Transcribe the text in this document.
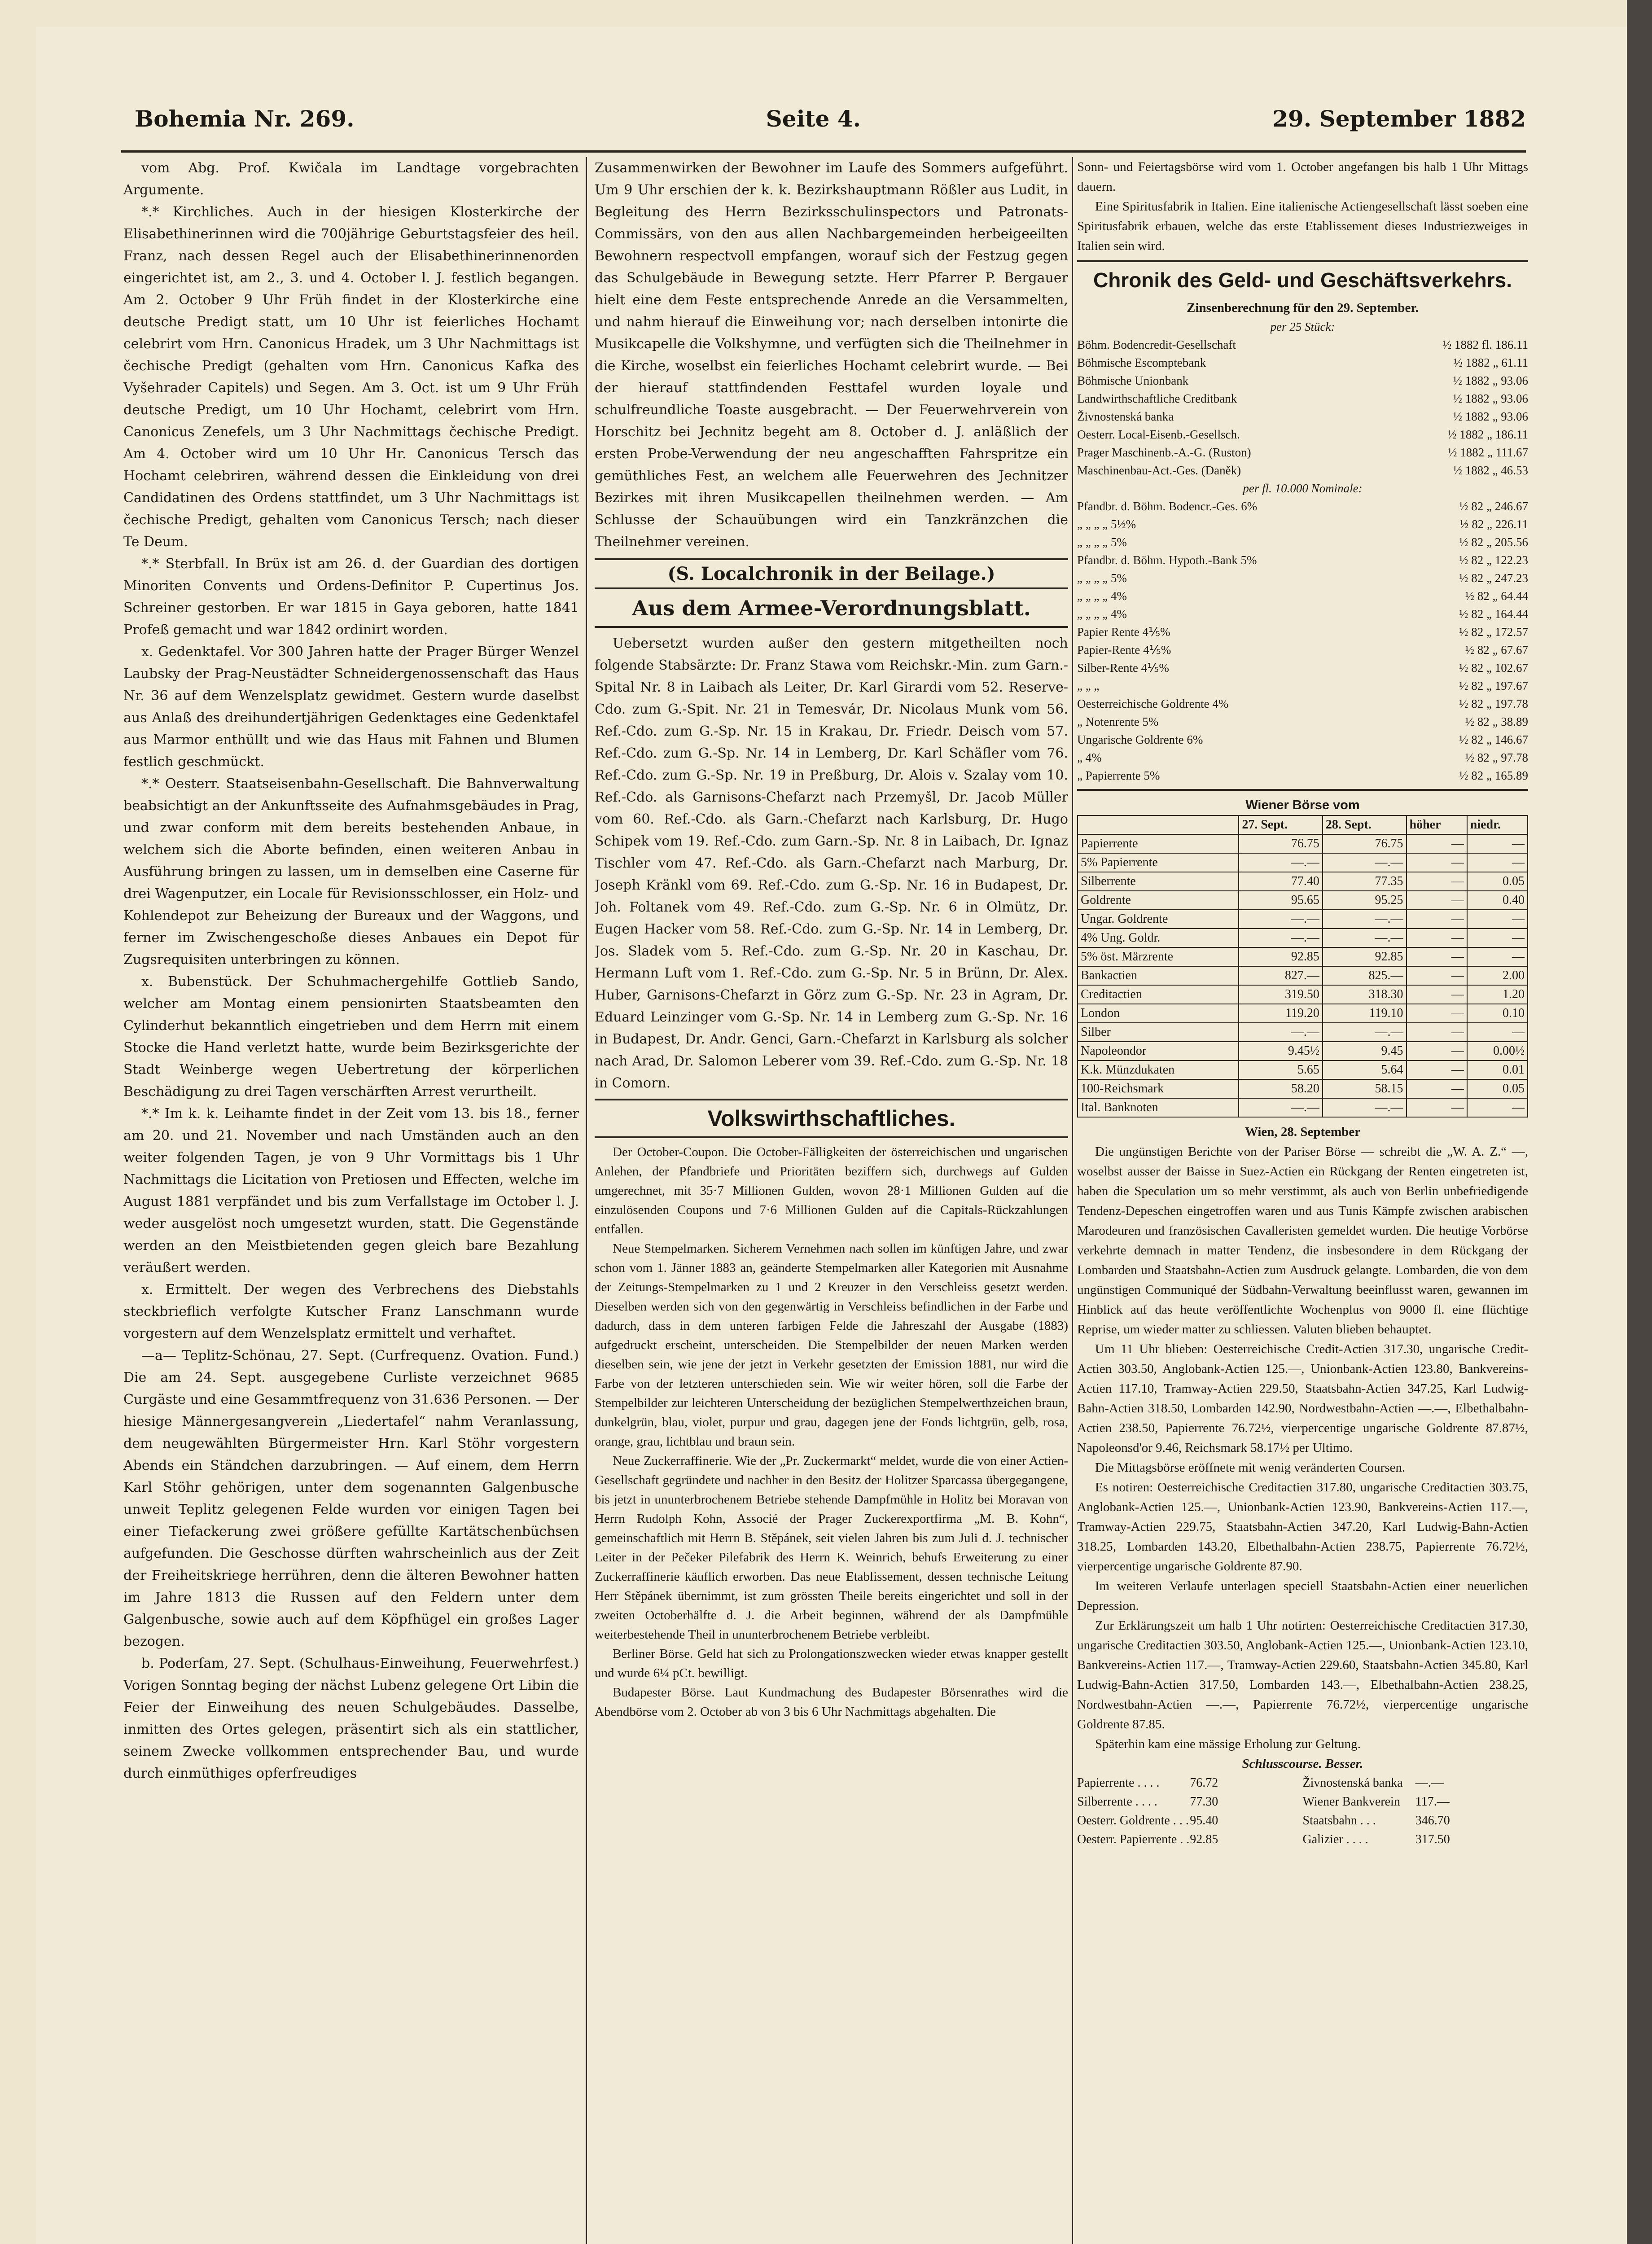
Bohemia Nr. 269.	Seite 4.	29. September 1882

vom Abg. Prof. Kwičala im Landtage vorgebrachten Argumente.

*.* Kirchliches. Auch in der hiesigen Klosterkirche der Elisabethinerinnen wird die 700jährige Geburtstagsfeier des heil. Franz, nach dessen Regel auch der Elisabethinerinnenorden eingerichtet ist, am 2., 3. und 4. October l. J. festlich begangen. Am 2. October 9 Uhr Früh findet in der Klosterkirche eine deutsche Predigt statt, um 10 Uhr ist feierliches Hochamt celebrirt vom Hrn. Canonicus Hradek, um 3 Uhr Nachmittags ist čechische Predigt (gehalten vom Hrn. Canonicus Kafka des Vyšehrader Capitels) und Segen. Am 3. Oct. ist um 9 Uhr Früh deutsche Predigt, um 10 Uhr Hochamt, celebrirt vom Hrn. Canonicus Zenefels, um 3 Uhr Nachmittags čechische Predigt. Am 4. October wird um 10 Uhr Hr. Canonicus Tersch das Hochamt celebriren, während dessen die Einkleidung von drei Candidatinen des Ordens stattfindet, um 3 Uhr Nachmittags ist čechische Predigt, gehalten vom Canonicus Tersch; nach dieser Te Deum.

*.* Sterbfall. In Brüx ist am 26. d. der Guardian des dortigen Minoriten Convents und Ordens-Definitor P. Cupertinus Jos. Schreiner gestorben. Er war 1815 in Gaya geboren, hatte 1841 Profeß gemacht und war 1842 ordinirt worden.

x. Gedenktafel. Vor 300 Jahren hatte der Prager Bürger Wenzel Laubsky der Prag-Neustädter Schneidergenossenschaft das Haus Nr. 36 auf dem Wenzelsplatz gewidmet. Gestern wurde daselbst aus Anlaß des dreihundertjährigen Gedenktages eine Gedenktafel aus Marmor enthüllt und wie das Haus mit Fahnen und Blumen festlich geschmückt.

*.* Oesterr. Staatseisenbahn-Gesellschaft. Die Bahnverwaltung beabsichtigt an der Ankunftsseite des Aufnahmsgebäudes in Prag, und zwar conform mit dem bereits bestehenden Anbaue, in welchem sich die Aborte befinden, einen weiteren Anbau in Ausführung bringen zu lassen, um in demselben eine Caserne für drei Wagenputzer, ein Locale für Revisionsschlosser, ein Holz- und Kohlendepot zur Beheizung der Bureaux und der Waggons, und ferner im Zwischengeschoße dieses Anbaues ein Depot für Zugsrequisiten unterbringen zu können.

x. Bubenstück. Der Schuhmachergehilfe Gottlieb Sando, welcher am Montag einem pensionirten Staatsbeamten den Cylinderhut bekanntlich eingetrieben und dem Herrn mit einem Stocke die Hand verletzt hatte, wurde beim Bezirksgerichte der Stadt Weinberge wegen Uebertretung der körperlichen Beschädigung zu drei Tagen verschärften Arrest verurtheilt.

*.* Im k. k. Leihamte findet in der Zeit vom 13. bis 18., ferner am 20. und 21. November und nach Umständen auch an den weiter folgenden Tagen, je von 9 Uhr Vormittags bis 1 Uhr Nachmittags die Licitation von Pretiosen und Effecten, welche im August 1881 verpfändet und bis zum Verfallstage im October l. J. weder ausgelöst noch umgesetzt wurden, statt. Die Gegenstände werden an den Meistbietenden gegen gleich bare Bezahlung veräußert werden.

x. Ermittelt. Der wegen des Verbrechens des Diebstahls steckbrieflich verfolgte Kutscher Franz Lanschmann wurde vorgestern auf dem Wenzelsplatz ermittelt und verhaftet.

—a— Teplitz-Schönau, 27. Sept. (Curfrequenz. Ovation. Fund.) Die am 24. Sept. ausgegebene Curliste verzeichnet 9685 Curgäste und eine Gesammtfrequenz von 31.636 Personen. — Der hiesige Männergesangverein „Liedertafel“ nahm Veranlassung, dem neugewählten Bürgermeister Hrn. Karl Stöhr vorgestern Abends ein Ständchen darzubringen. — Auf einem, dem Herrn Karl Stöhr gehörigen, unter dem sogenannten Galgenbusche unweit Teplitz gelegenen Felde wurden vor einigen Tagen bei einer Tiefackerung zwei größere gefüllte Kartätschenbüchsen aufgefunden. Die Geschosse dürften wahrscheinlich aus der Zeit der Freiheitskriege herrühren, denn die älteren Bewohner hatten im Jahre 1813 die Russen auf den Feldern unter dem Galgenbusche, sowie auch auf dem Köpfhügel ein großes Lager bezogen.

b. Poderſam, 27. Sept. (Schulhaus-Einweihung, Feuerwehrfest.) Vorigen Sonntag beging der nächst Lubenz gelegene Ort Libin die Feier der Einweihung des neuen Schulgebäudes. Dasselbe, inmitten des Ortes gelegen, präsentirt sich als ein stattlicher, seinem Zwecke vollkommen entsprechender Bau, und wurde durch einmüthiges opferfreudiges

Zusammenwirken der Bewohner im Laufe des Sommers aufgeführt. Um 9 Uhr erschien der k. k. Bezirkshauptmann Rößler aus Ludit, in Begleitung des Herrn Bezirksschulinspectors und Patronats-Commissärs, von den aus allen Nachbargemeinden herbeigeeilten Bewohnern respectvoll empfangen, worauf sich der Festzug gegen das Schulgebäude in Bewegung setzte. Herr Pfarrer P. Bergauer hielt eine dem Feste entsprechende Anrede an die Versammelten, und nahm hierauf die Einweihung vor; nach derselben intonirte die Musikcapelle die Volkshymne, und verfügten sich die Theilnehmer in die Kirche, woselbst ein feierliches Hochamt celebrirt wurde. — Bei der hierauf stattfindenden Festtafel wurden loyale und schulfreundliche Toaste ausgebracht. — Der Feuerwehrverein von Horschitz bei Jechnitz begeht am 8. October d. J. anläßlich der ersten Probe-Verwendung der neu angeschafften Fahrspritze ein gemüthliches Fest, an welchem alle Feuerwehren des Jechnitzer Bezirkes mit ihren Musikcapellen theilnehmen werden. — Am Schlusse der Schauübungen wird ein Tanzkränzchen die Theilnehmer vereinen.

(S. Localchronik in der Beilage.)
Aus dem Armee-Verordnungsblatt.

Uebersetzt wurden außer den gestern mitgetheilten noch folgende Stabsärzte: Dr. Franz Stawa vom Reichskr.-Min. zum Garn.-Spital Nr. 8 in Laibach als Leiter, Dr. Karl Girardi vom 52. Reserve-Cdo. zum G.-Spit. Nr. 21 in Temesvár, Dr. Nicolaus Munk vom 56. Ref.-Cdo. zum G.-Sp. Nr. 15 in Krakau, Dr. Friedr. Deisch vom 57. Ref.-Cdo. zum G.-Sp. Nr. 14 in Lemberg, Dr. Karl Schäfler vom 76. Ref.-Cdo. zum G.-Sp. Nr. 19 in Preßburg, Dr. Alois v. Szalay vom 10. Ref.-Cdo. als Garnisons-Chefarzt nach Przemyšl, Dr. Jacob Müller vom 60. Ref.-Cdo. als Garn.-Chefarzt nach Karlsburg, Dr. Hugo Schipek vom 19. Ref.-Cdo. zum Garn.-Sp. Nr. 8 in Laibach, Dr. Ignaz Tischler vom 47. Ref.-Cdo. als Garn.-Chefarzt nach Marburg, Dr. Joseph Kränkl vom 69. Ref.-Cdo. zum G.-Sp. Nr. 16 in Budapest, Dr. Joh. Foltanek vom 49. Ref.-Cdo. zum G.-Sp. Nr. 6 in Olmütz, Dr. Eugen Hacker vom 58. Ref.-Cdo. zum G.-Sp. Nr. 14 in Lemberg, Dr. Jos. Sladek vom 5. Ref.-Cdo. zum G.-Sp. Nr. 20 in Kaschau, Dr. Hermann Luft vom 1. Ref.-Cdo. zum G.-Sp. Nr. 5 in Brünn, Dr. Alex. Huber, Garnisons-Chefarzt in Görz zum G.-Sp. Nr. 23 in Agram, Dr. Eduard Leinzinger vom G.-Sp. Nr. 14 in Lemberg zum G.-Sp. Nr. 16 in Budapest, Dr. Andr. Genci, Garn.-Chefarzt in Karlsburg als solcher nach Arad, Dr. Salomon Leberer vom 39. Ref.-Cdo. zum G.-Sp. Nr. 18 in Comorn.

Volkswirthschaftliches.

Der October-Coupon. Die October-Fälligkeiten der österreichischen und ungarischen Anlehen, der Pfandbriefe und Prioritäten beziffern sich, durchwegs auf Gulden umgerechnet, mit 35·7 Millionen Gulden, wovon 28·1 Millionen Gulden auf die einzulösenden Coupons und 7·6 Millionen Gulden auf die Capitals-Rückzahlungen entfallen.

Neue Stempelmarken. Sicherem Vernehmen nach sollen im künftigen Jahre, und zwar schon vom 1. Jänner 1883 an, geänderte Stempelmarken aller Kategorien mit Ausnahme der Zeitungs-Stempelmarken zu 1 und 2 Kreuzer in den Verschleiss gesetzt werden. Dieselben werden sich von den gegenwärtig in Verschleiss befindlichen in der Farbe und dadurch, dass in dem unteren farbigen Felde die Jahreszahl der Ausgabe (1883) aufgedruckt erscheint, unterscheiden. Die Stempelbilder der neuen Marken werden dieselben sein, wie jene der jetzt in Verkehr gesetzten der Emission 1881, nur wird die Farbe von der letzteren unterschieden sein. Wie wir weiter hören, soll die Farbe der Stempelbilder zur leichteren Unterscheidung der bezüglichen Stempelwerthzeichen braun, dunkelgrün, blau, violet, purpur und grau, dagegen jene der Fonds lichtgrün, gelb, rosa, orange, grau, lichtblau und braun sein.

Neue Zuckerraffinerie. Wie der „Pr. Zuckermarkt“ meldet, wurde die von einer Actien-Gesellschaft gegründete und nachher in den Besitz der Holitzer Sparcassa übergegangene, bis jetzt in ununterbrochenem Betriebe stehende Dampfmühle in Holitz bei Moravan von Herrn Rudolph Kohn, Associé der Prager Zuckerexportfirma „M. B. Kohn“, gemeinschaftlich mit Herrn B. Stěpánek, seit vielen Jahren bis zum Juli d. J. technischer Leiter in der Pečeker Pilefabrik des Herrn K. Weinrich, behufs Erweiterung zu einer Zuckerraffinerie käuflich erworben. Das neue Etablissement, dessen technische Leitung Herr Stěpánek übernimmt, ist zum grössten Theile bereits eingerichtet und soll in der zweiten Octoberhälfte d. J. die Arbeit beginnen, während der als Dampfmühle weiterbestehende Theil in ununterbrochenem Betriebe verbleibt.

Berliner Börse. Geld hat sich zu Prolongationszwecken wieder etwas knapper gestellt und wurde 6¼ pCt. bewilligt.

Budapester Börse. Laut Kundmachung des Budapester Börsenrathes wird die Abendbörse vom 2. October ab von 3 bis 6 Uhr Nachmittags abgehalten. Die

Sonn- und Feiertagsbörse wird vom 1. October angefangen bis halb 1 Uhr Mittags dauern.

Eine Spiritusfabrik in Italien. Eine italienische Actiengesellschaft lässt soeben eine Spiritusfabrik erbauen, welche das erste Etablissement dieses Industriezweiges in Italien sein wird.

Chronik des Geld- und Geschäftsverkehrs.
Zinsenberechnung für den 29. September.
per 25 Stück:
Böhm. Bodencredit-Gesellschaft	½ 1882 fl. 186.11
Böhmische Escomptebank	½ 1882 „ 61.11
Böhmische Unionbank	½ 1882 „ 93.06
Landwirthschaftliche Creditbank	½ 1882 „ 93.06
Živnostenská banka	½ 1882 „ 93.06
Oesterr. Local-Eisenb.-Gesellsch.	½ 1882 „ 186.11
Prager Maschinenb.-A.-G. (Ruston)	½ 1882 „ 111.67
Maschinenbau-Act.-Ges. (Daněk)	½ 1882 „ 46.53
per fl. 10.000 Nominale:
Pfandbr. d. Böhm. Bodencr.-Ges. 6%	½ 82 „ 246.67
„ „ „ „ 5½%	½ 82 „ 226.11
„ „ „ „ 5%	½ 82 „ 205.56
Pfandbr. d. Böhm. Hypoth.-Bank 5%	½ 82 „ 122.23
„ „ „ „ 5%	½ 82 „ 247.23
„ „ „ „ 4%	½ 82 „ 64.44
„ „ „ „ 4%	½ 82 „ 164.44
Papier Rente 4⅕%	½ 82 „ 172.57
Papier-Rente 4⅕%	½ 82 „ 67.67
Silber-Rente 4⅕%	½ 82 „ 102.67
„ „ „	½ 82 „ 197.67
Oesterreichische Goldrente 4%	½ 82 „ 197.78
„ Notenrente 5%	½ 82 „ 38.89
Ungarische Goldrente 6%	½ 82 „ 146.67
„ 4%	½ 82 „ 97.78
„ Papierrente 5%	½ 82 „ 165.89
Wiener Börse vom
	27. Sept.	28. Sept.	höher	niedr.
Papierrente	76.75	76.75	—	—
5% Papierrente	—.—	—.—	—	—
Silberrente	77.40	77.35	—	0.05
Goldrente	95.65	95.25	—	0.40
Ungar. Goldrente	—.—	—.—	—	—
4% Ung. Goldr.	—.—	—.—	—	—
5% öst. Märzrente	92.85	92.85	—	—
Bankactien	827.—	825.—	—	2.00
Creditactien	319.50	318.30	—	1.20
London	119.20	119.10	—	0.10
Silber	—.—	—.—	—	—
Napoleondor	9.45½	9.45	—	0.00½
K.k. Münzdukaten	5.65	5.64	—	0.01
100-Reichsmark	58.20	58.15	—	0.05
Ital. Banknoten	—.—	—.—	—	—
Wien, 28. September

Die ungünstigen Berichte von der Pariser Börse — schreibt die „W. A. Z.“ —, woselbst ausser der Baisse in Suez-Actien ein Rückgang der Renten eingetreten ist, haben die Speculation um so mehr verstimmt, als auch von Berlin unbefriedigende Tendenz-Depeschen eingetroffen waren und aus Tunis Kämpfe zwischen arabischen Marodeuren und französischen Cavalleristen gemeldet wurden. Die heutige Vorbörse verkehrte demnach in matter Tendenz, die insbesondere in dem Rückgang der Lombarden und Staatsbahn-Actien zum Ausdruck gelangte. Lombarden, die von dem ungünstigen Communiqué der Südbahn-Verwaltung beeinflusst waren, gewannen im Hinblick auf das heute veröffentlichte Wochenplus von 9000 fl. eine flüchtige Reprise, um wieder matter zu schliessen. Valuten blieben behauptet.

Um 11 Uhr blieben: Oesterreichische Credit-Actien 317.30, ungarische Credit-Actien 303.50, Anglobank-Actien 125.—, Unionbank-Actien 123.80, Bankvereins-Actien 117.10, Tramway-Actien 229.50, Staatsbahn-Actien 347.25, Karl Ludwig-Bahn-Actien 318.50, Lombarden 142.90, Nordwestbahn-Actien —.—, Elbethalbahn-Actien 238.50, Papierrente 76.72½, vierpercentige ungarische Goldrente 87.87½, Napoleonsd'or 9.46, Reichsmark 58.17½ per Ultimo.

Die Mittagsbörse eröffnete mit wenig veränderten Coursen.

Es notiren: Oesterreichische Creditactien 317.80, ungarische Creditactien 303.75, Anglobank-Actien 125.—, Unionbank-Actien 123.90, Bankvereins-Actien 117.—, Tramway-Actien 229.75, Staatsbahn-Actien 347.20, Karl Ludwig-Bahn-Actien 318.25, Lombarden 143.20, Elbethalbahn-Actien 238.75, Papierrente 76.72½, vierpercentige ungarische Goldrente 87.90.

Im weiteren Verlaufe unterlagen speciell Staatsbahn-Actien einer neuerlichen Depression.

Zur Erklärungszeit um halb 1 Uhr notirten: Oesterreichische Creditactien 317.30, ungarische Creditactien 303.50, Anglobank-Actien 125.—, Unionbank-Actien 123.10, Bankvereins-Actien 117.—, Tramway-Actien 229.60, Staatsbahn-Actien 345.80, Karl Ludwig-Bahn-Actien 317.50, Lombarden 143.—, Elbethalbahn-Actien 238.25, Nordwestbahn-Actien —.—, Papierrente 76.72½, vierpercentige ungarische Goldrente 87.85.

Späterhin kam eine mässige Erholung zur Geltung.

Schlusscourse. Besser.
Papierrente . . . .	76.72	Živnostenská banka	—.—
Silberrente . . . .	77.30	Wiener Bankverein	117.—
Oesterr. Goldrente . . . 95.40	Staatsbahn . . .	346.70
Oesterr. Papierrente . . 92.85	Galizier . . . .	317.50
